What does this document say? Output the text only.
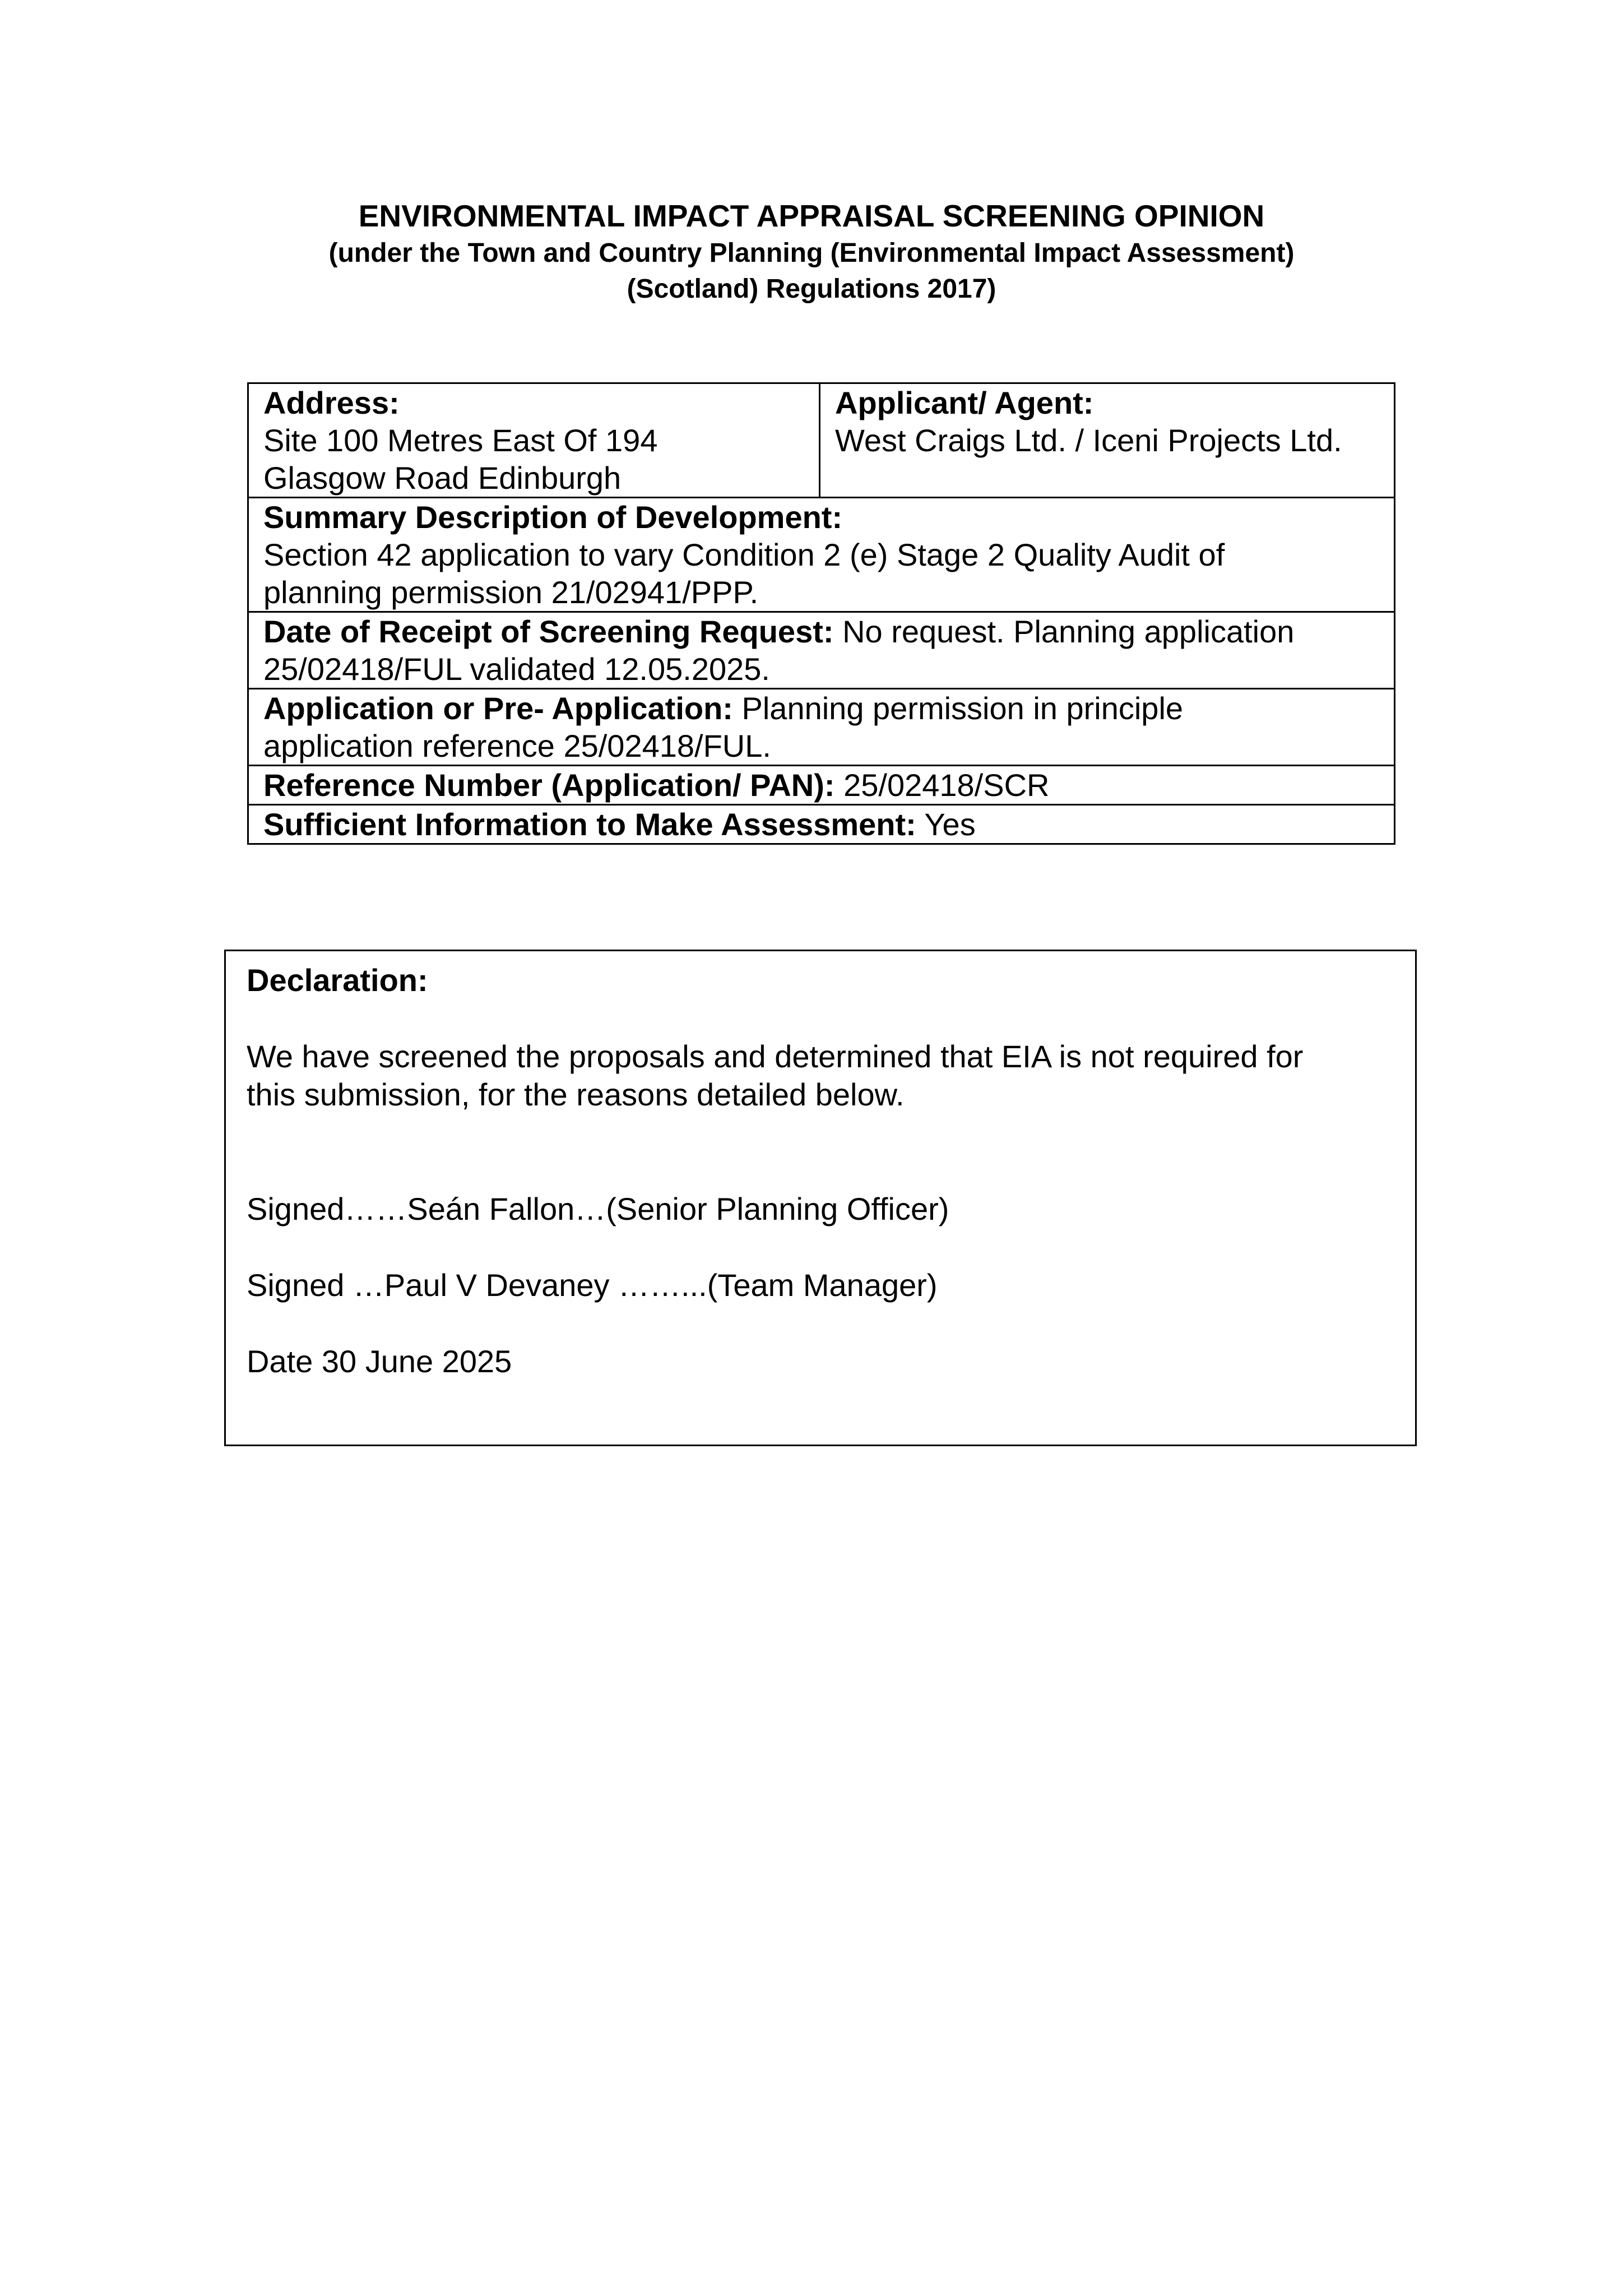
ENVIRONMENTAL IMPACT APPRAISAL SCREENING OPINION

(under the Town and Country Planning (Environmental Impact Assessment)

(Scotland) Regulations 2017)

Address:
Site 100 Metres East Of 194
Glasgow Road Edinburgh

Applicant/ Agent:
West Craigs Ltd. / Iceni Projects Ltd.

Summary Description of Development:
Section 42 application to vary Condition 2 (e) Stage 2 Quality Audit of
planning permission 21/02941/PPP.

Date of Receipt of Screening Request: No request. Planning application
25/02418/FUL validated 12.05.2025.

Application or Pre- Application: Planning permission in principle
application reference 25/02418/FUL.

Reference Number (Application/ PAN): 25/02418/SCR
Sufficient Information to Make Assessment: Yes

Declaration:

We have screened the proposals and determined that EIA is not required for

this submission, for the reasons detailed below.

Signed……Seán Fallon…(Senior Planning Officer)

Signed …Paul V Devaney ……...(Team Manager)

Date 30 June 2025
